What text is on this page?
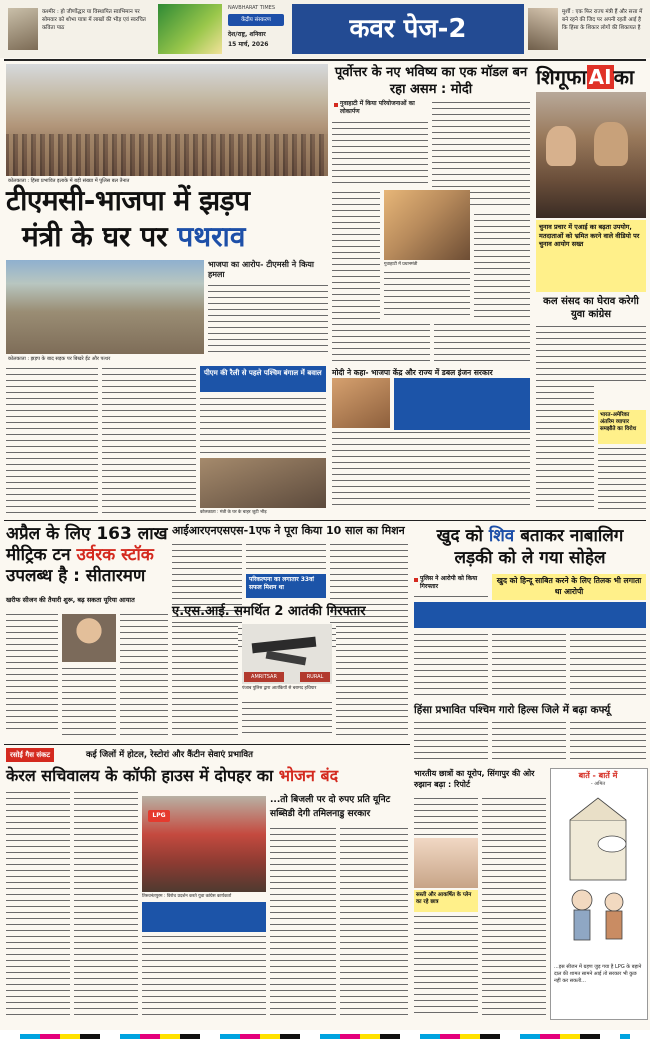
कश्मीर : हो जीर्णोद्धार या विस्थापित स्वाभिमान पर सोमवार को शोभा यात्रा में लाखों की भीड़ एवं स्वरचित कविता पाठ
NAVBHARAT TIMES
केंद्रीय संस्करण
देश/राष्ट्र, शनिवार
15 मार्च, 2026
कवर पेज-2
मुर्शी : एक फिर राज्य मंत्री हैं और सत्ता में बने रहने की जिद पर अपनी रहती आई है कि हिंसा के शिकार लोगों की शिकायत है
कोलकाता : हिंसा प्रभावित इलाके में बड़ी संख्या में पुलिस बल तैनात
टीएमसी-भाजपा में झड़प
मंत्री के घर पर पथराव
कोलकाता : झड़प के बाद सड़क पर बिखरे ईंट और पत्थर
भाजपा का आरोप- टीएमसी ने किया हमला
पीएम की रैली से पहले पश्चिम बंगाल में बवाल
कोलकाता : मंत्री के घर के बाहर जुटी भीड़
पूर्वोत्तर के नए भविष्य का एक मॉडल बन रहा असम : मोदी
गुवाहाटी में किया परियोजनाओं का लोकार्पण
गुवाहाटी में प्रधानमंत्री
मोदी ने कहा- भाजपा केंद्र और राज्य में डबल इंजन सरकार
शिगूफा AI का
चुनाव प्रचार में एआई का बढ़ता उपयोग, मतदाताओं को भ्रमित करने वाले वीडियो पर चुनाव आयोग सख्त
कल संसद का घेराव करेगी युवा कांग्रेस
भारत-अमेरिका अंतरिम व्यापार समझौते का विरोध
अप्रैल के लिए 163 लाख
मीट्रिक टन उर्वरक स्टॉक
उपलब्ध है : सीतारमण
खरीफ सीजन की तैयारी शुरू, बढ़ सकता यूरिया आयात
आईआरएनएसएस-1एफ ने पूरा किया 10 साल का मिशन
परिकल्पना का लगातार 33वां सफल मिशन था
ए.एस.आई. समर्थित 2 आतंकी गिरफ्तार
AMRITSAR	RURAL
पंजाब पुलिस द्वारा आतंकियों से बरामद हथियार
खुद को शिव बताकर नाबालिग
लड़की को ले गया सोहेल
पुलिस ने आरोपी को किया गिरफ्तार
खुद को हिन्दू साबित करने के लिए तिलक भी लगाता था आरोपी
हिंसा प्रभावित पश्चिम गारो हिल्स जिले में बढ़ा कर्फ्यू
रसोई गैस संकट	कई जिलों में होटल, रेस्टोरां और कैंटीन सेवाएं प्रभावित
केरल सचिवालय के कॉफी हाउस में दोपहर का भोजन बंद
LPG
तिरुवनंतपुरम : विरोध प्रदर्शन करते युवा कांग्रेस कार्यकर्ता
...तो बिजली पर दो रुपए प्रति यूनिट
सब्सिडी देगी तमिलनाडु सरकार
भारतीय छात्रों का यूरोप, सिंगापुर की ओर रुझान बढ़ा : रिपोर्ट
सस्ती और आकर्षित के प्लेन का रहे छात्र
बातें - बातें में
- अमित
...इस सीजन में ग्रहण जुड़ गया है LPG के बहाने दाल की शामत सामने आई तो सरकार भी कुछ नहीं कर सकती...
